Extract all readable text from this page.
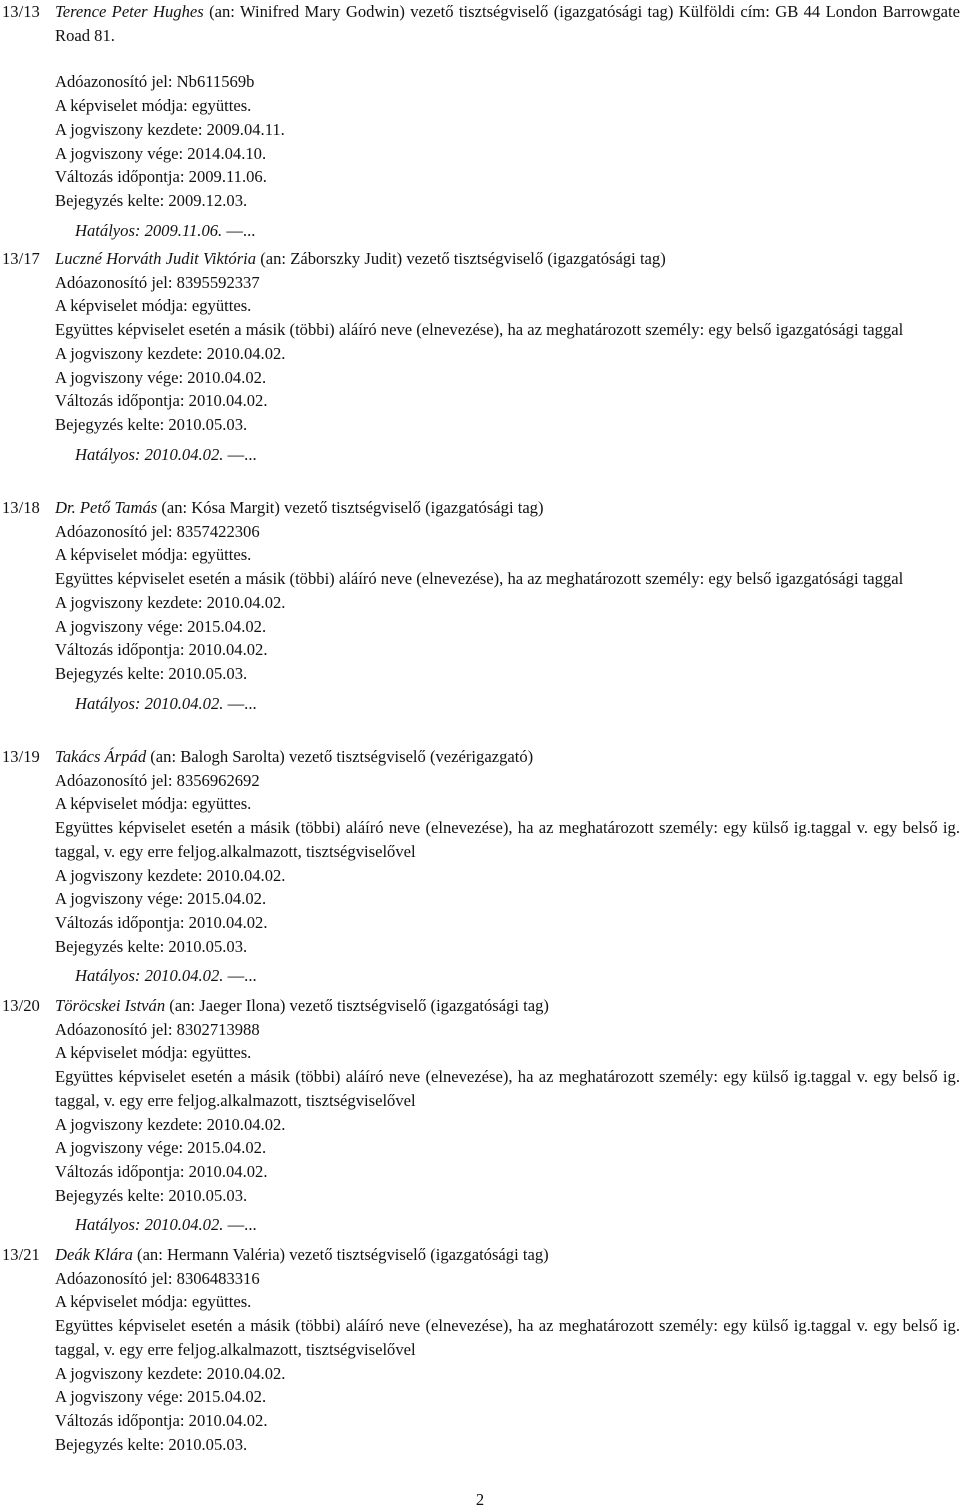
13/13 Terence Peter Hughes (an: Winifred Mary Godwin) vezető tisztségviselő (igazgatósági tag) Külföldi cím: GB 44 London Barrowgate Road 81.
Adóazonosító jel: Nb611569b
A képviselet módja: együttes.
A jogviszony kezdete: 2009.04.11.
A jogviszony vége: 2014.04.10.
Változás időpontja: 2009.11.06.
Bejegyzés kelte: 2009.12.03.
Hatályos: 2009.11.06. —...
13/17 Luczné Horváth Judit Viktória (an: Záborszky Judit) vezető tisztségviselő (igazgatósági tag)
Adóazonosító jel: 8395592337
A képviselet módja: együttes.
Együttes képviselet esetén a másik (többi) aláíró neve (elnevezése), ha az meghatározott személy: egy belső igazgatósági taggal
A jogviszony kezdete: 2010.04.02.
A jogviszony vége: 2010.04.02.
Változás időpontja: 2010.04.02.
Bejegyzés kelte: 2010.05.03.
Hatályos: 2010.04.02. —...
13/18 Dr. Pető Tamás (an: Kósa Margit) vezető tisztségviselő (igazgatósági tag)
Adóazonosító jel: 8357422306
A képviselet módja: együttes.
Együttes képviselet esetén a másik (többi) aláíró neve (elnevezése), ha az meghatározott személy: egy belső igazgatósági taggal
A jogviszony kezdete: 2010.04.02.
A jogviszony vége: 2015.04.02.
Változás időpontja: 2010.04.02.
Bejegyzés kelte: 2010.05.03.
Hatályos: 2010.04.02. —...
13/19 Takács Árpád (an: Balogh Sarolta) vezető tisztségviselő (vezérigazgató)
Adóazonosító jel: 8356962692
A képviselet módja: együttes.
Együttes képviselet esetén a másik (többi) aláíró neve (elnevezése), ha az meghatározott személy: egy külső ig.taggal v. egy belső ig. taggal, v. egy erre feljog.alkalmazott, tisztségviselővel
A jogviszony kezdete: 2010.04.02.
A jogviszony vége: 2015.04.02.
Változás időpontja: 2010.04.02.
Bejegyzés kelte: 2010.05.03.
Hatályos: 2010.04.02. —...
13/20 Töröcskei István (an: Jaeger Ilona) vezető tisztségviselő (igazgatósági tag)
Adóazonosító jel: 8302713988
A képviselet módja: együttes.
Együttes képviselet esetén a másik (többi) aláíró neve (elnevezése), ha az meghatározott személy: egy külső ig.taggal v. egy belső ig. taggal, v. egy erre feljog.alkalmazott, tisztségviselővel
A jogviszony kezdete: 2010.04.02.
A jogviszony vége: 2015.04.02.
Változás időpontja: 2010.04.02.
Bejegyzés kelte: 2010.05.03.
Hatályos: 2010.04.02. —...
13/21 Deák Klára (an: Hermann Valéria) vezető tisztségviselő (igazgatósági tag)
Adóazonosító jel: 8306483316
A képviselet módja: együttes.
Együttes képviselet esetén a másik (többi) aláíró neve (elnevezése), ha az meghatározott személy: egy külső ig.taggal v. egy belső ig. taggal, v. egy erre feljog.alkalmazott, tisztségviselővel
A jogviszony kezdete: 2010.04.02.
A jogviszony vége: 2015.04.02.
Változás időpontja: 2010.04.02.
Bejegyzés kelte: 2010.05.03.
2
